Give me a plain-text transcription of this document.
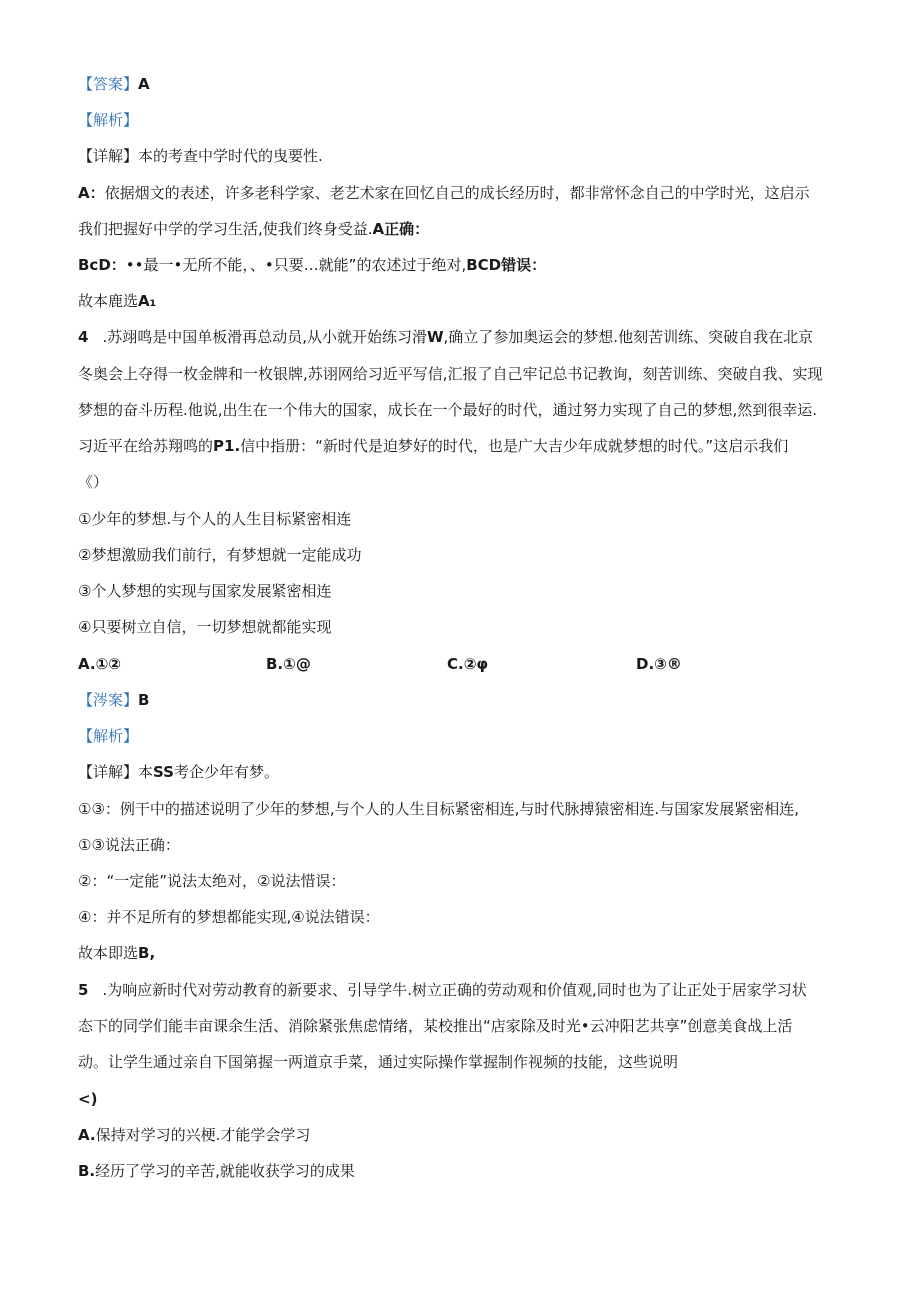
【答案】A
【解析】
【详解】本的考查中学时代的曳要性.
A：依据烟文的表述，许多老科学家、老艺术家在回忆自己的成长经历时，都非常怀念自己的中学时光，这启示
我们把握好中学的学习生活,使我们终身受益.A正确：
BcD：••最一•无所不能，、•只要…就能”的农述过于绝对,BCD错误：
故本鹿选A₁
4 .苏翊鸣是中国单板滑再总动员,从小就开始练习滑W,确立了参加奥运会的梦想.他刻苦训练、突破自我在北京
冬奥会上夺得一枚金牌和一枚银牌,苏诩网给习近平写信,汇报了自己牢记总书记教询，刻苦训练、突破自我、实现
梦想的奋斗历程.他说,出生在一个伟大的国家，成长在一个最好的时代，通过努力实现了自己的梦想,然到很幸运.
习近平在给苏翔鸣的P1.信中指册：“新时代是迫梦好的时代，也是广大吉少年成就梦想的时代。”这启示我们
《）
①少年的梦想.与个人的人生目标紧密相连
②梦想激励我们前行，有梦想就一定能成功
③个人梦想的实现与国家发展紧密相连
④只要树立自信，一切梦想就都能实现
A.①②	B.①@	C.②φ	D.③®
【涔案】B
【解析】
【详解】本SS考企少年有梦。
①③：例干中的描述说明了少年的梦想,与个人的人生目标紧密相连,与时代脉搏猿密相连.与国家发展紧密相连,
①③说法正确：
②：“一定能”说法太绝对，②说法惜误：
④：并不足所有的梦想都能实现,④说法错误：
故本即选B,
5 .为响应新时代对劳动教育的新要求、引导学牛.树立正确的劳动观和价值观,同时也为了让正处于居家学习状
态下的同学们能丰亩课余生活、消除紧张焦虑情绪，某校推出“店家除及时光•云冲阳艺共享”创意美食战上活
动。让学生通过亲自下国第握一两道京手菜，通过实际操作掌握制作视频的技能，这些说明
<)
A.保持对学习的兴梗.才能学会学习
B.经历了学习的辛苦,就能收获学习的成果
